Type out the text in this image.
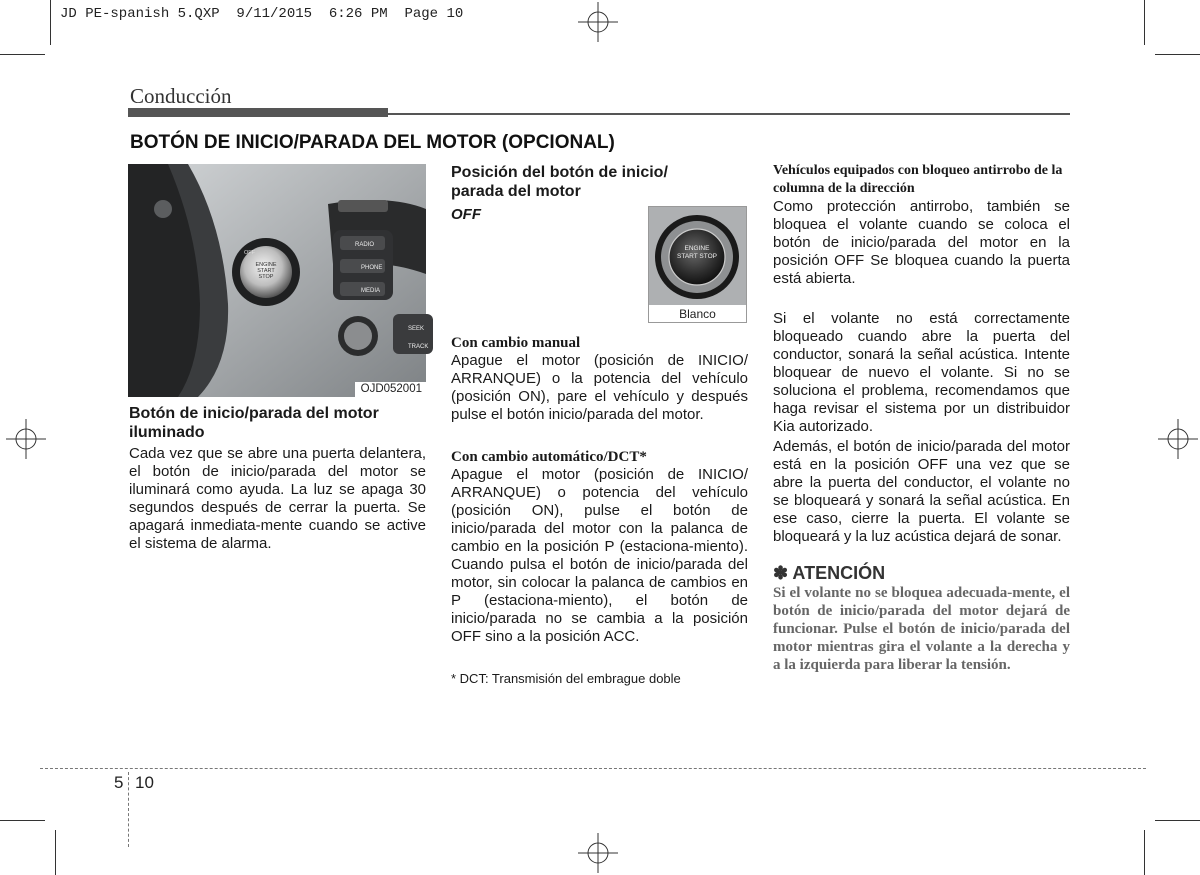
JD PE-spanish 5.QXP  9/11/2015  6:26 PM  Page 10
Conducción
BOTÓN DE INICIO/PARADA DEL MOTOR (OPCIONAL)
RADIO
PHONE
MEDIA
SEEK
TRACK
OFF
ENGINE START STOP
OJD052001

Botón de inicio/parada del motor iluminado

Cada vez que se abre una puerta delantera, el botón de inicio/parada del motor se iluminará como ayuda. La luz se apaga 30 segundos después de cerrar la puerta. Se apagará inmediata-mente cuando se active el sistema de alarma.

Posición del botón de inicio/ parada del motor

OFF

ENGINE START STOP
Blanco

Con cambio manual

Apague el motor (posición de INICIO/ ARRANQUE) o la potencia del vehículo (posición ON), pare el vehículo y después pulse el botón inicio/parada del motor.

Con cambio automático/DCT*

Apague el motor (posición de INICIO/ ARRANQUE) o potencia del vehículo (posición ON), pulse el botón de inicio/parada del motor con la palanca de cambio en la posición P (estaciona-miento). Cuando pulsa el botón de inicio/parada del motor, sin colocar la palanca de cambios en P (estaciona-miento), el botón de inicio/parada no se cambia a la posición OFF sino a la posición ACC.

* DCT: Transmisión del embrague doble

Vehículos equipados con bloqueo antirrobo de la columna de la dirección

Como protección antirrobo, también se bloquea el volante cuando se coloca el botón de inicio/parada del motor en la posición OFF Se bloquea cuando la puerta está abierta.

Si el volante no está correctamente bloqueado cuando abre la puerta del conductor, sonará la señal acústica. Intente bloquear de nuevo el volante. Si no se soluciona el problema, recomendamos que haga revisar el sistema por un distribuidor Kia autorizado.

Además, el botón de inicio/parada del motor está en la posición OFF una vez que se abre la puerta del conductor, el volante no se bloqueará y sonará la señal acústica. En ese caso, cierre la puerta. El volante se bloqueará y la luz acústica dejará de sonar.

✽ ATENCIÓN

Si el volante no se bloquea adecuada-mente, el botón de inicio/parada del motor dejará de funcionar. Pulse el botón de inicio/parada del motor mientras gira el volante a la derecha y a la izquierda para liberar la tensión.

5 10
